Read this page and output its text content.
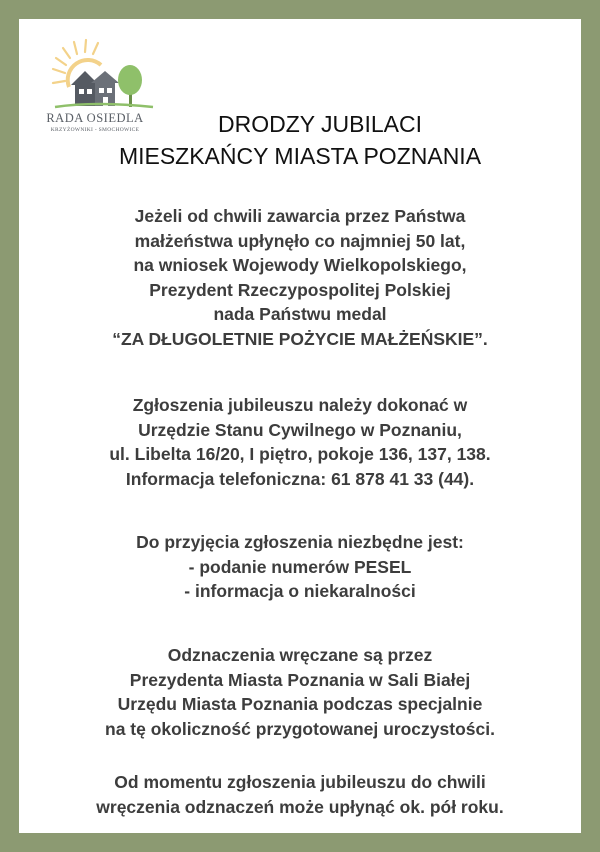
RADA OSIEDLA
KRZYŻOWNIKI - SMOCHOWICE	DRODZY JUBILACI
MIESZKAŃCY MIASTA POZNANIA
Jeżeli od chwili zawarcia przez Państwa
małżeństwa upłynęło co najmniej 50 lat,
na wniosek Wojewody Wielkopolskiego,
Prezydent Rzeczypospolitej Polskiej
nada Państwu medal
“ZA DŁUGOLETNIE POŻYCIE MAŁŻEŃSKIE”.
Zgłoszenia jubileuszu należy dokonać w
Urzędzie Stanu Cywilnego w Poznaniu,
ul. Libelta 16/20, I piętro, pokoje 136, 137, 138.
Informacja telefoniczna: 61 878 41 33 (44).
Do przyjęcia zgłoszenia niezbędne jest:
- podanie numerów PESEL
- informacja o niekaralności
Odznaczenia wręczane są przez
Prezydenta Miasta Poznania w Sali Białej
Urzędu Miasta Poznania podczas specjalnie
na tę okoliczność przygotowanej uroczystości.
Od momentu zgłoszenia jubileuszu do chwili
wręczenia odznaczeń może upłynąć ok. pół roku.
